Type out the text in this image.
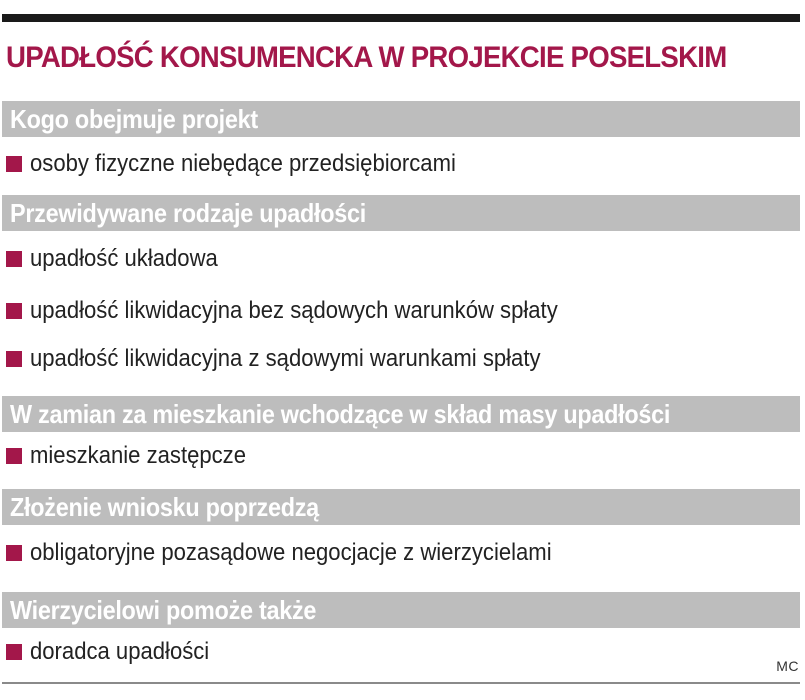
UPADŁOŚĆ KONSUMENCKA W PROJEKCIE POSELSKIM
Kogo obejmuje projekt
osoby fizyczne niebędące przedsiębiorcami
Przewidywane rodzaje upadłości
upadłość układowa
upadłość likwidacyjna bez sądowych warunków spłaty
upadłość likwidacyjna z sądowymi warunkami spłaty
W zamian za mieszkanie wchodzące w skład masy upadłości
mieszkanie zastępcze
Złożenie wniosku poprzedzą
obligatoryjne pozasądowe negocjacje z wierzycielami
Wierzycielowi pomoże także
doradca upadłości
MC
